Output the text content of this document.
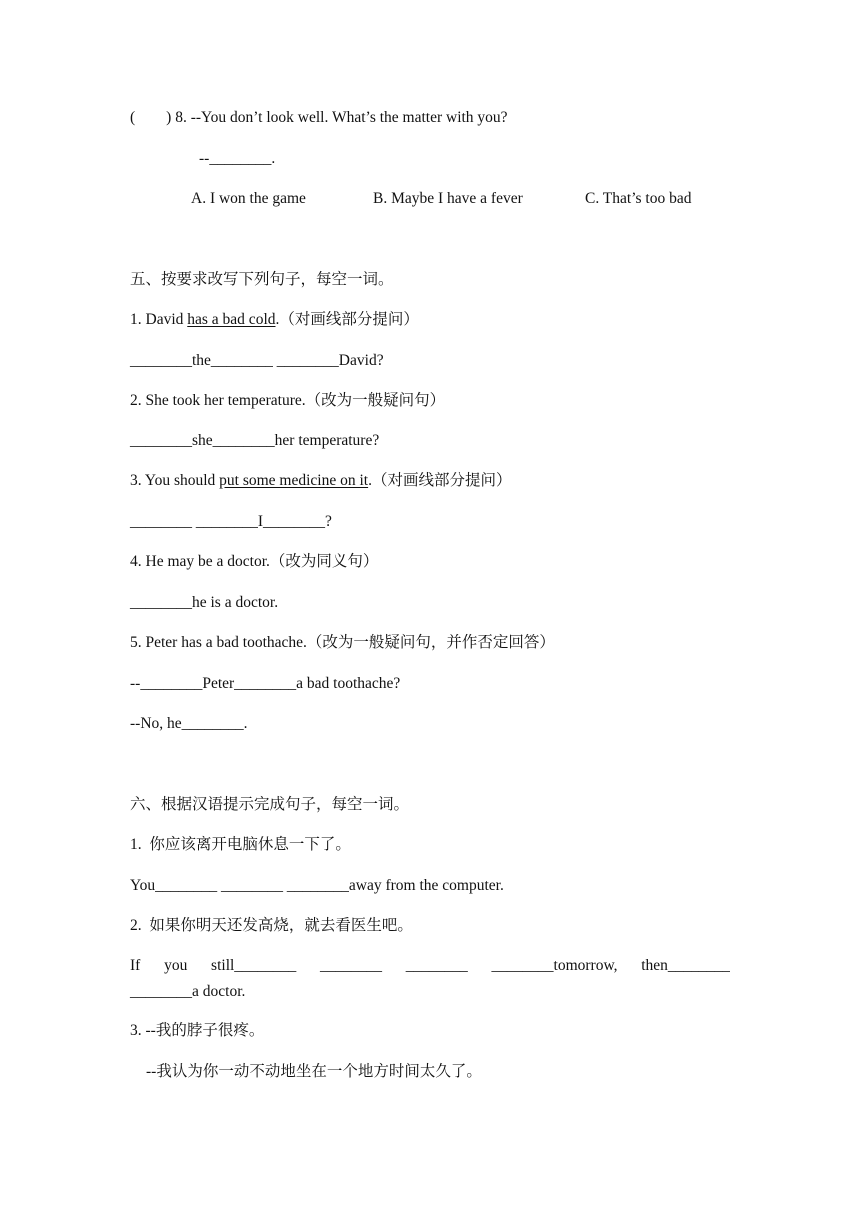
(        ) 8. --You don’t look well. What’s the matter with you?
--________.
A. I won the game	B. Maybe I have a fever	C. That’s too bad
五、按要求改写下列句子，每空一词。
1. David has a bad cold.（对画线部分提问）
________the________ ________David?
2. She took her temperature.（改为一般疑问句）
________she________her temperature?
3. You should put some medicine on it.（对画线部分提问）
________ ________I________?
4. He may be a doctor.（改为同义句）
________he is a doctor.
5. Peter has a bad toothache.（改为一般疑问句，并作否定回答）
--________Peter________a bad toothache?
--No, he________.
六、根据汉语提示完成句子，每空一词。
1.  你应该离开电脑休息一下了。
You________ ________ ________away from the computer.
2.  如果你明天还发高烧，就去看医生吧。
If you still________ ________ ________ ________tomorrow, then________
________a doctor.
3. --我的脖子很疼。
--我认为你一动不动地坐在一个地方时间太久了。
